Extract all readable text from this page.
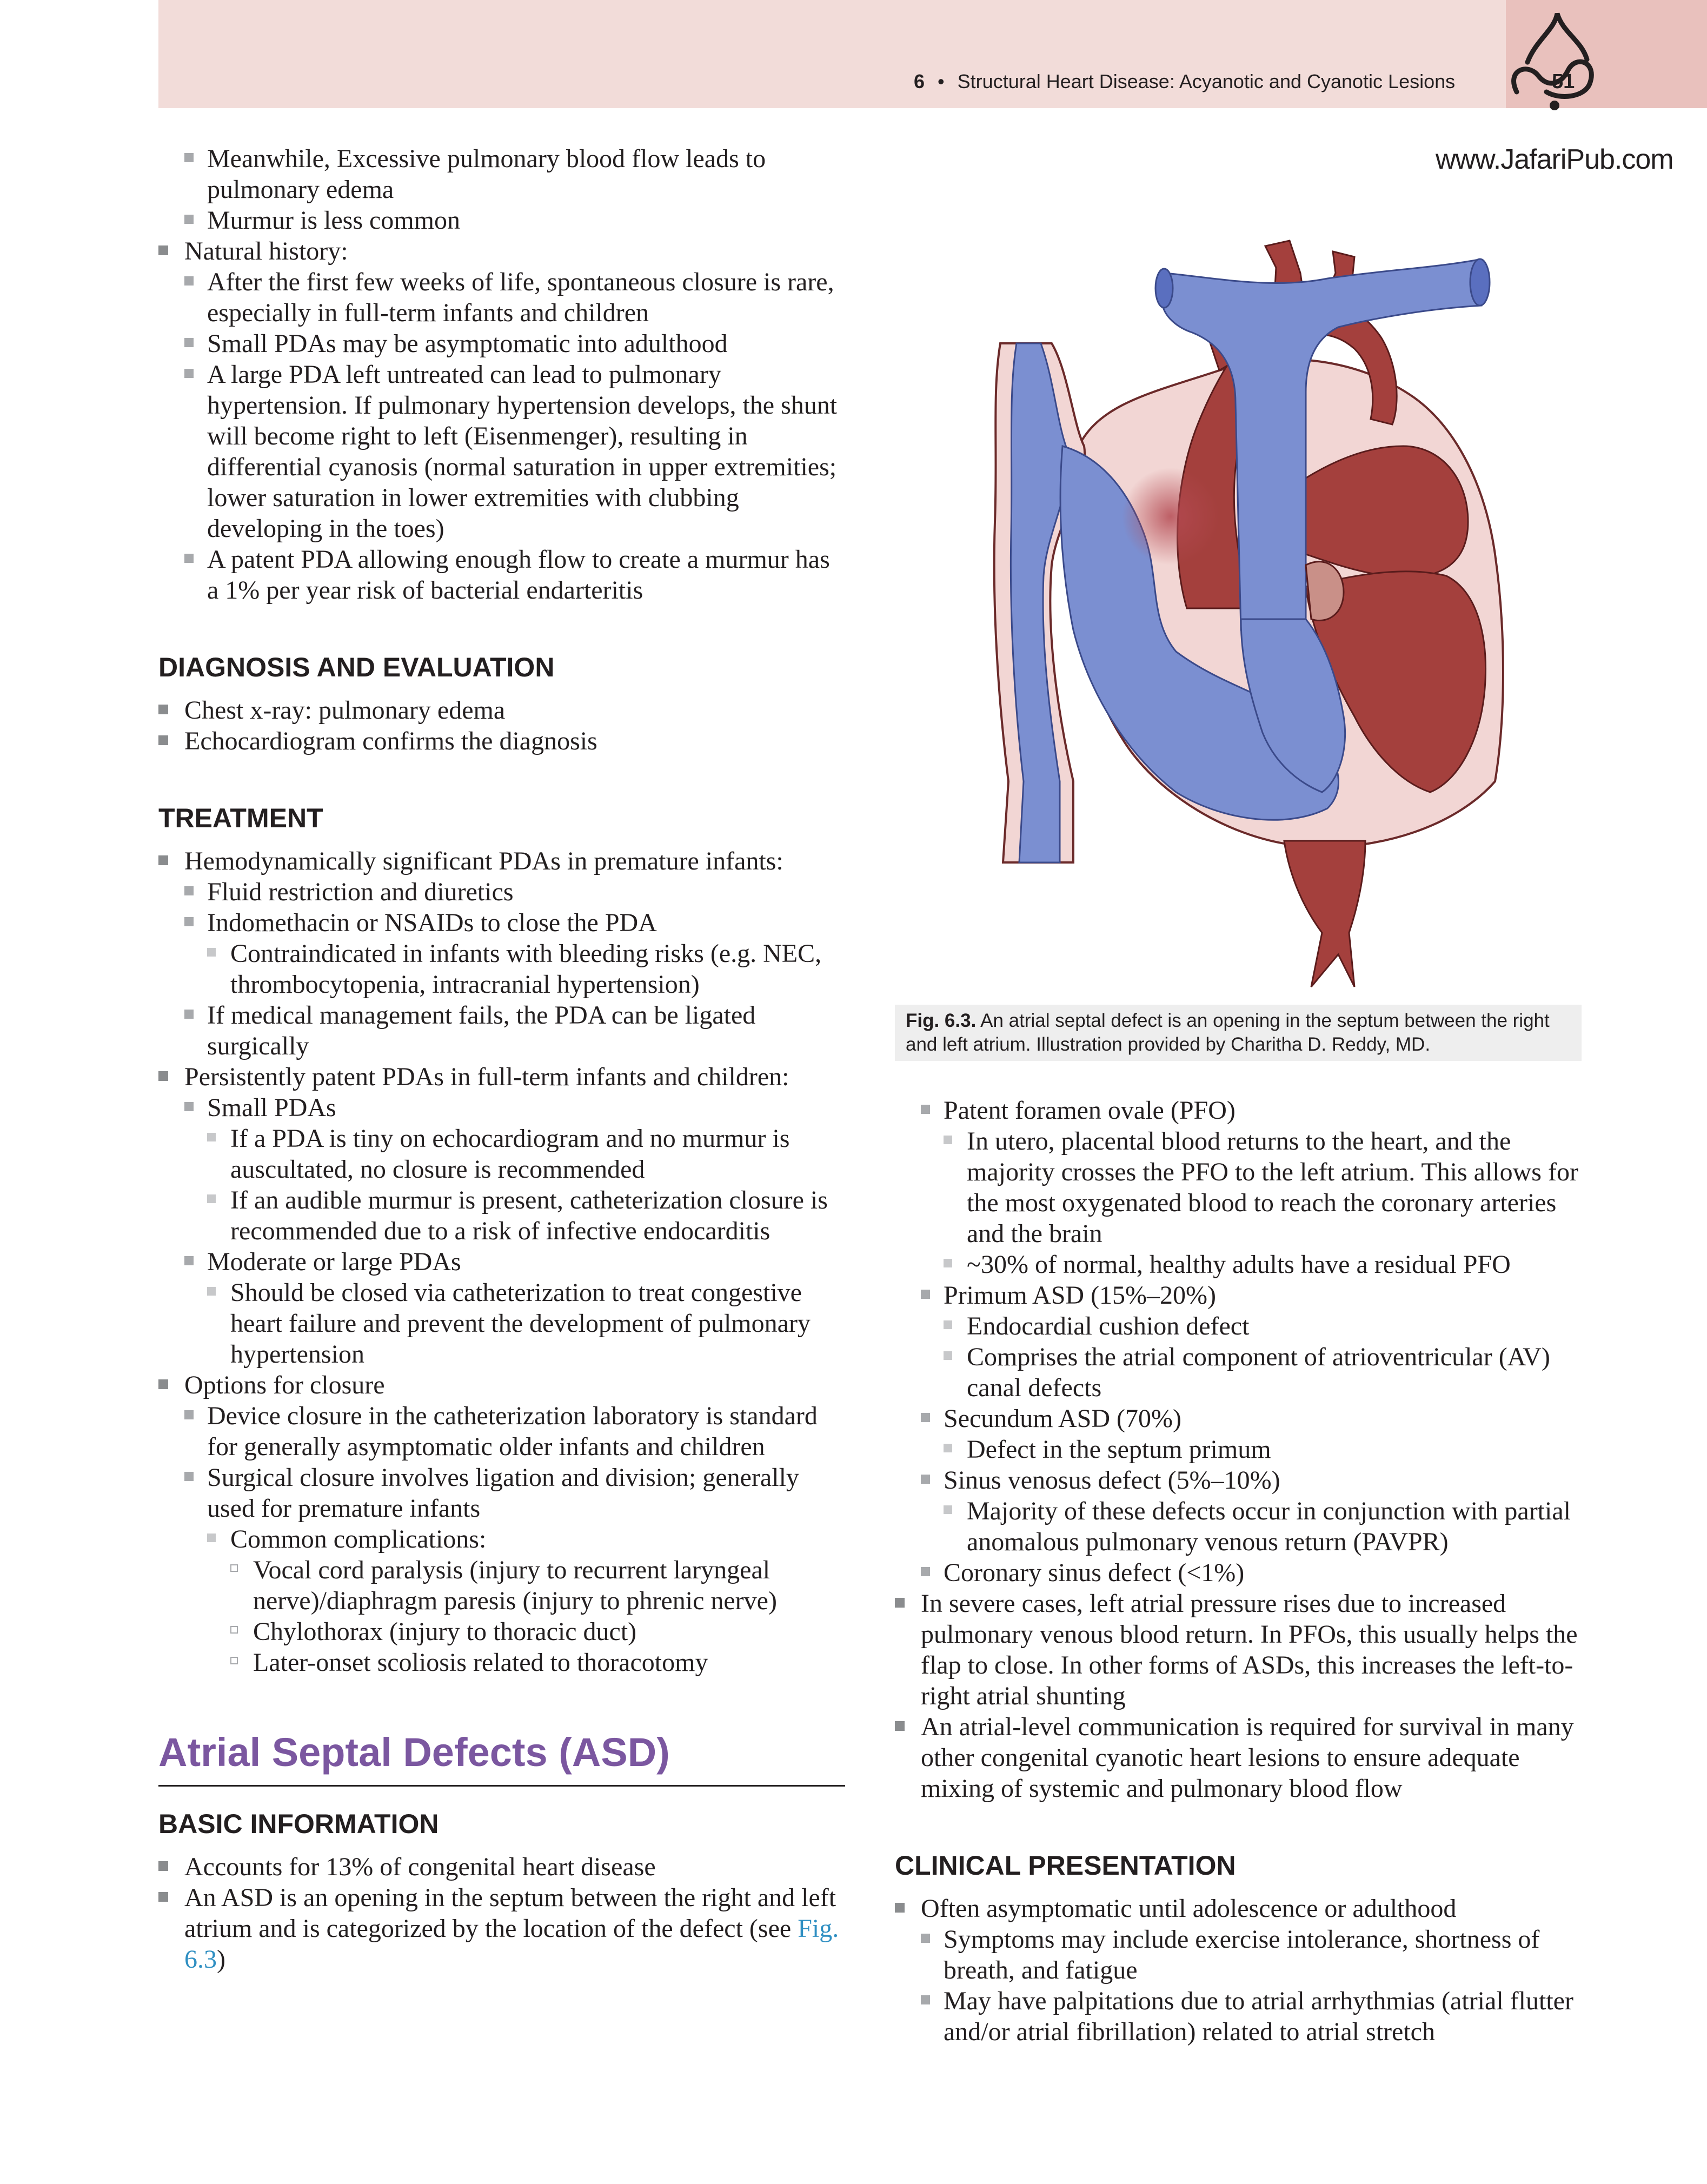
6 • Structural Heart Disease: Acyanotic and Cyanotic Lesions	51
www.JafariPub.com
Meanwhile, Excessive pulmonary blood flow leads to pulmonary edema
Murmur is less common
Natural history:
After the first few weeks of life, spontaneous closure is rare, especially in full-term infants and children
Small PDAs may be asymptomatic into adulthood
A large PDA left untreated can lead to pulmonary hypertension. If pulmonary hypertension develops, the shunt will become right to left (Eisenmenger), resulting in differential cyanosis (normal saturation in upper extremities; lower saturation in lower extremities with clubbing developing in the toes)
A patent PDA allowing enough flow to create a murmur has a 1% per year risk of bacterial endarteritis
DIAGNOSIS AND EVALUATION
Chest x-ray: pulmonary edema
Echocardiogram confirms the diagnosis
TREATMENT
Hemodynamically significant PDAs in premature infants:
Fluid restriction and diuretics
Indomethacin or NSAIDs to close the PDA
Contraindicated in infants with bleeding risks (e.g. NEC, thrombocytopenia, intracranial hypertension)
If medical management fails, the PDA can be ligated surgically
Persistently patent PDAs in full-term infants and children:
Small PDAs
If a PDA is tiny on echocardiogram and no murmur is auscultated, no closure is recommended
If an audible murmur is present, catheterization closure is recommended due to a risk of infective endocarditis
Moderate or large PDAs
Should be closed via catheterization to treat congestive heart failure and prevent the development of pulmonary hypertension
Options for closure
Device closure in the catheterization laboratory is standard for generally asymptomatic older infants and children
Surgical closure involves ligation and division; generally used for premature infants
Common complications:
Vocal cord paralysis (injury to recurrent laryngeal nerve)/diaphragm paresis (injury to phrenic nerve)
Chylothorax (injury to thoracic duct)
Later-onset scoliosis related to thoracotomy
Atrial Septal Defects (ASD)
BASIC INFORMATION
Accounts for 13% of congenital heart disease
An ASD is an opening in the septum between the right and left atrium and is categorized by the location of the defect (see Fig. 6.3)
Fig. 6.3. An atrial septal defect is an opening in the septum between the right and left atrium. Illustration provided by Charitha D. Reddy, MD.
Patent foramen ovale (PFO)
In utero, placental blood returns to the heart, and the majority crosses the PFO to the left atrium. This allows for the most oxygenated blood to reach the coronary arteries and the brain
~30% of normal, healthy adults have a residual PFO
Primum ASD (15%–20%)
Endocardial cushion defect
Comprises the atrial component of atrioventricular (AV) canal defects
Secundum ASD (70%)
Defect in the septum primum
Sinus venosus defect (5%–10%)
Majority of these defects occur in conjunction with partial anomalous pulmonary venous return (PAVPR)
Coronary sinus defect (<1%)
In severe cases, left atrial pressure rises due to increased pulmonary venous blood return. In PFOs, this usually helps the flap to close. In other forms of ASDs, this increases the left-to-right atrial shunting
An atrial-level communication is required for survival in many other congenital cyanotic heart lesions to ensure adequate mixing of systemic and pulmonary blood flow
CLINICAL PRESENTATION
Often asymptomatic until adolescence or adulthood
Symptoms may include exercise intolerance, shortness of breath, and fatigue
May have palpitations due to atrial arrhythmias (atrial flutter and/or atrial fibrillation) related to atrial stretch
